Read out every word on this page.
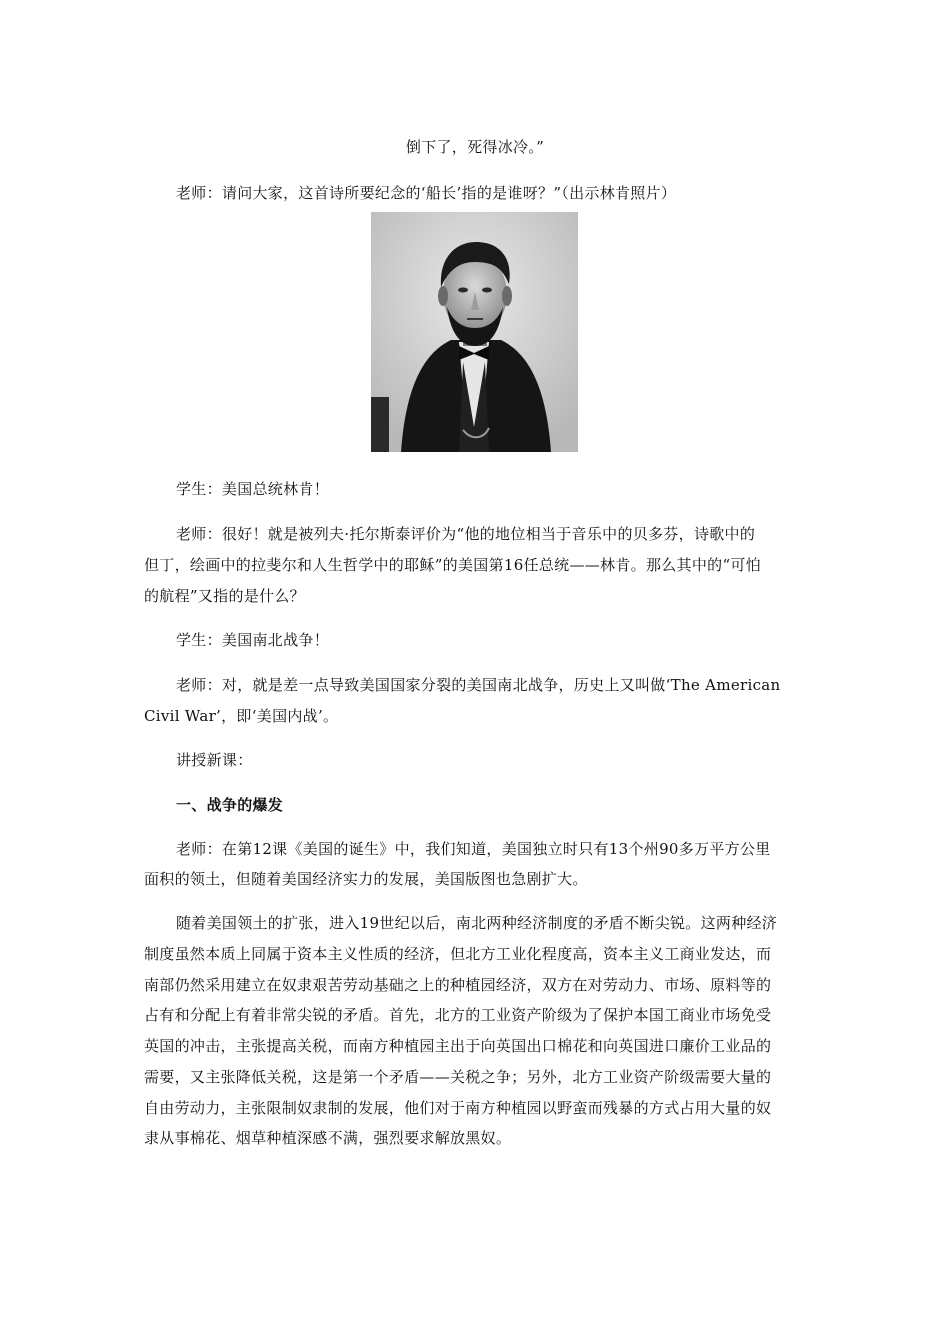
倒下了，死得冰冷。”
老师：请问大家，这首诗所要纪念的‘船长’指的是谁呀？”（出示林肯照片）
学生：美国总统林肯！
老师：很好！就是被列夫·托尔斯泰评价为“他的地位相当于音乐中的贝多芬，诗歌中的
但丁，绘画中的拉斐尔和人生哲学中的耶稣”的美国第16任总统——林肯。那么其中的“可怕
的航程”又指的是什么？
学生：美国南北战争！
老师：对，就是差一点导致美国国家分裂的美国南北战争，历史上又叫做‘The American
Civil War’，即‘美国内战’。
讲授新课：
一、战争的爆发
老师：在第12课《美国的诞生》中，我们知道，美国独立时只有13个州90多万平方公里
面积的领土，但随着美国经济实力的发展，美国版图也急剧扩大。
随着美国领土的扩张，进入19世纪以后，南北两种经济制度的矛盾不断尖锐。这两种经济
制度虽然本质上同属于资本主义性质的经济，但北方工业化程度高，资本主义工商业发达，而
南部仍然采用建立在奴隶艰苦劳动基础之上的种植园经济，双方在对劳动力、市场、原料等的
占有和分配上有着非常尖锐的矛盾。首先，北方的工业资产阶级为了保护本国工商业市场免受
英国的冲击，主张提高关税，而南方种植园主出于向英国出口棉花和向英国进口廉价工业品的
需要，又主张降低关税，这是第一个矛盾——关税之争；另外，北方工业资产阶级需要大量的
自由劳动力，主张限制奴隶制的发展，他们对于南方种植园以野蛮而残暴的方式占用大量的奴
隶从事棉花、烟草种植深感不满，强烈要求解放黑奴。
